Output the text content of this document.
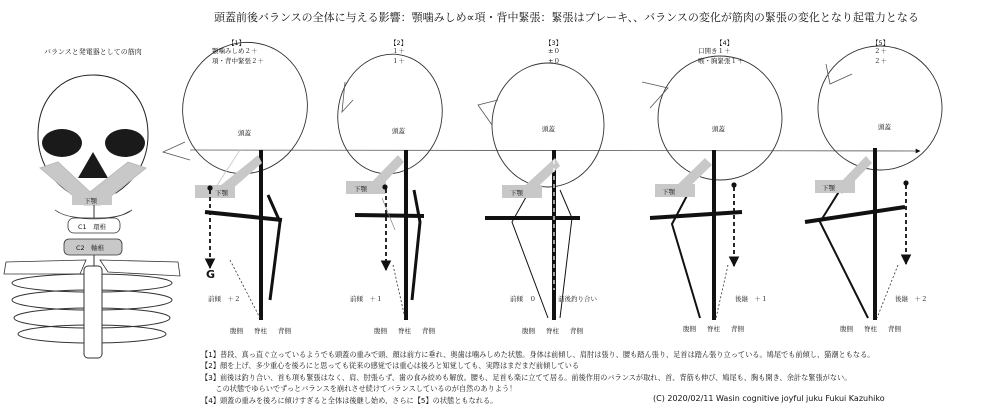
頭蓋前後バランスの全体に与える影響：顎噛みしめ∝項・背中緊張：緊張はブレーキ、、バランスの変化が筋肉の緊張の変化となり起電力となる
バランスと発電器としての筋肉
頭蓋
下顎
C1　環椎
C2　軸椎
【1】
顎噛みしめ２＋
項・背中緊張２＋
頭蓋
下顎
G
前傾　＋２
腹側 脊柱 背側
【2】
１＋
１＋
頭蓋
下顎
前傾　＋１
腹側 脊柱 背側
【3】
±０
±０
頭蓋
下顎
前傾　０	前後釣り合い
腹側 脊柱 背側
【4】
口開き１＋
喉・胸緊張１＋
頭蓋
下顎
後継　＋１
腹側 脊柱 背側
【5】
２＋
２＋
頭蓋
下顎
後継　＋２
腹側 脊柱 背側
【1】普段、真っ直ぐ立っているようでも頭蓋の重みで頭、顔は前方に垂れ、奥歯は噛みしめた状態。身体は前傾し、肩肘は張り、腰も踏ん張り、足首は踏ん張り立っている。鳩尾でも前傾し、猫潮ともなる。
【2】顔を上げ、多少重心を後ろにと思っても従来の感覚では重心は後ろと知覚しても、実際はまだまだ前傾している
【3】前後は釣り合い、首も項も緊張はなく、肩、肘張らず、歯の食み絞めも解放。腰も、足首も楽に立てて居る。前後作用のバランスが取れ、首、背筋も伸び、鳩尾も、胸も開き、余計な緊張がない。
　　この状態でゆらいでずっとバランスを崩れさせ続けてバランスしているのが自然のありよう！
【4】頭蓋の重みを後ろに傾けすぎると全体は後継し始め、さらに【5】の状態ともなれる。	(C) 2020/02/11 Wasin cognitive joyful juku Fukui Kazuhiko
